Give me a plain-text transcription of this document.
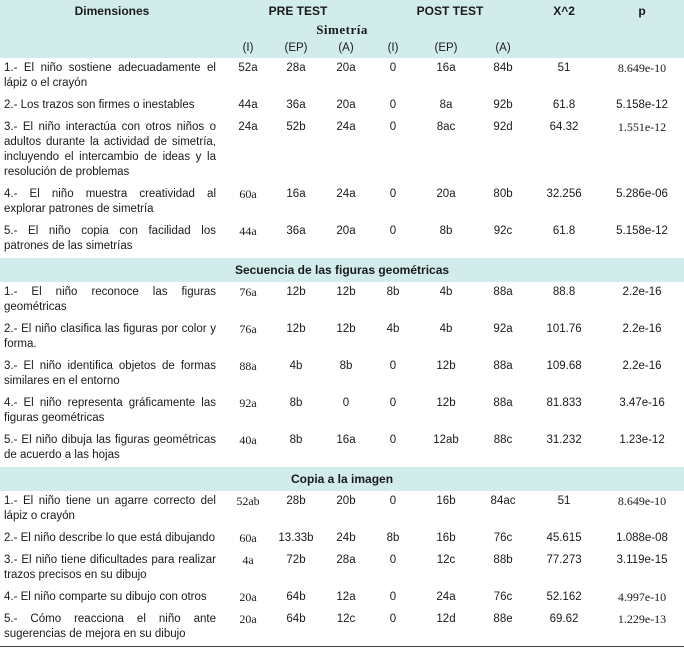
Dimensiones	PRE TEST			POST TEST			X^2	p
Simetría								
	(I)	(EP)	(A)	(I)	(EP)	(A)		
1.- El niño sostiene adecuadamente el lápiz o el crayón	52a	28a	20a	0	16a	84b	51	8.649e-10
2.- Los trazos son firmes o inestables	44a	36a	20a	0	8a	92b	61.8	5.158e-12
3.- El niño interactúa con otros niños o adultos durante la actividad de simetría, incluyendo el intercambio de ideas y la resolución de problemas	24a	52b	24a	0	8ac	92d	64.32	1.551e-12
4.- El niño muestra creatividad al explorar patrones de simetría	60a	16a	24a	0	20a	80b	32.256	5.286e-06
5.- El niño copia con facilidad los patrones de las simetrías	44a	36a	20a	0	8b	92c	61.8	5.158e-12
Secuencia de las figuras geométricas								
1.- El niño reconoce las figuras geométricas	76a	12b	12b	8b	4b	88a	88.8	2.2e-16
2.- El niño clasifica las figuras por color y forma.	76a	12b	12b	4b	4b	92a	101.76	2.2e-16
3.- El niño identifica objetos de formas similares en el entorno	88a	4b	8b	0	12b	88a	109.68	2.2e-16
4.- El niño representa gráficamente las figuras geométricas	92a	8b	0	0	12b	88a	81.833	3.47e-16
5.- El niño dibuja las figuras geométricas de acuerdo a las hojas	40a	8b	16a	0	12ab	88c	31.232	1.23e-12
Copia a la imagen								
1.- El niño tiene un agarre correcto del lápiz o crayón	52ab	28b	20b	0	16b	84ac	51	8.649e-10
2.- El niño describe lo que está dibujando	60a	13.33b	24b	8b	16b	76c	45.615	1.088e-08
3.- El niño tiene dificultades para realizar trazos precisos en su dibujo	4a	72b	28a	0	12c	88b	77.273	3.119e-15
4.- El niño comparte su dibujo con otros	20a	64b	12a	0	24a	76c	52.162	4.997e-10
5.- Cómo reacciona el niño ante sugerencias de mejora en su dibujo	20a	64b	12c	0	12d	88e	69.62	1.229e-13
